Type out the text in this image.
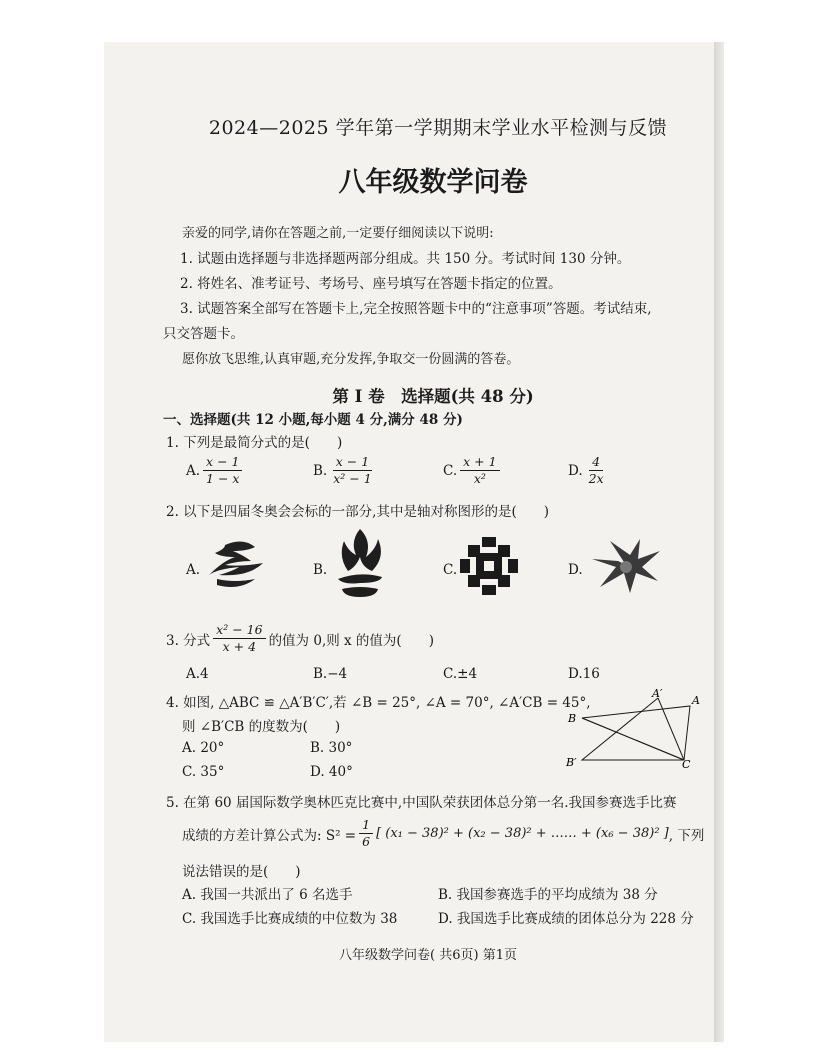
2024—2025 学年第一学期期末学业水平检测与反馈
八年级数学问卷
亲爱的同学,请你在答题之前,一定要仔细阅读以下说明:
1. 试题由选择题与非选择题两部分组成。共 150 分。考试时间 130 分钟。
2. 将姓名、准考证号、考场号、座号填写在答题卡指定的位置。
3. 试题答案全部写在答题卡上,完全按照答题卡中的“注意事项”答题。考试结束,
只交答题卡。
愿你放飞思维,认真审题,充分发挥,争取交一份圆满的答卷。
第 I 卷　选择题(共 48 分)
一、选择题(共 12 小题,每小题 4 分,满分 48 分)
1. 下列是最简分式的是(　　)
A. $\frac{x - 1}{1 - x}$	B. $\frac{x - 1}{\text{x² − 1}}$	C. $\frac{x + 1}{\text{x²}}$	D. $\frac{4}{2x}$
2. 以下是四届冬奥会会标的一部分,其中是轴对称图形的是(　　)
A.	B.	C.	D.
3. 分式 $\frac{\text{x² − 16}}{x + 4}$ 的值为 0,则 x 的值为(　　)
A.4	B.−4	C.±4	D.16
4. 如图, △ABC ≌ △A′B′C′,若 ∠B = 25°, ∠A = 70°, ∠A′CB = 45°,
则 ∠B′CB 的度数为(　　)
A. 20°	B. 30°
C. 35°	D. 40°
A′
A
B
B′	C
5. 在第 60 届国际数学奥林匹克比赛中,中国队荣获团体总分第一名.我国参赛选手比赛
成绩的方差计算公式为: $S^2 = \frac{1}{6}$ [ (x₁ − 38)² + (x₂ − 38)² + …… + (x₆ − 38)² ] , 下列
说法错误的是(　　)
A. 我国一共派出了 6 名选手	B. 我国参赛选手的平均成绩为 38 分
C. 我国选手比赛成绩的中位数为 38	D. 我国选手比赛成绩的团体总分为 228 分
八年级数学问卷( 共6页) 第1页
